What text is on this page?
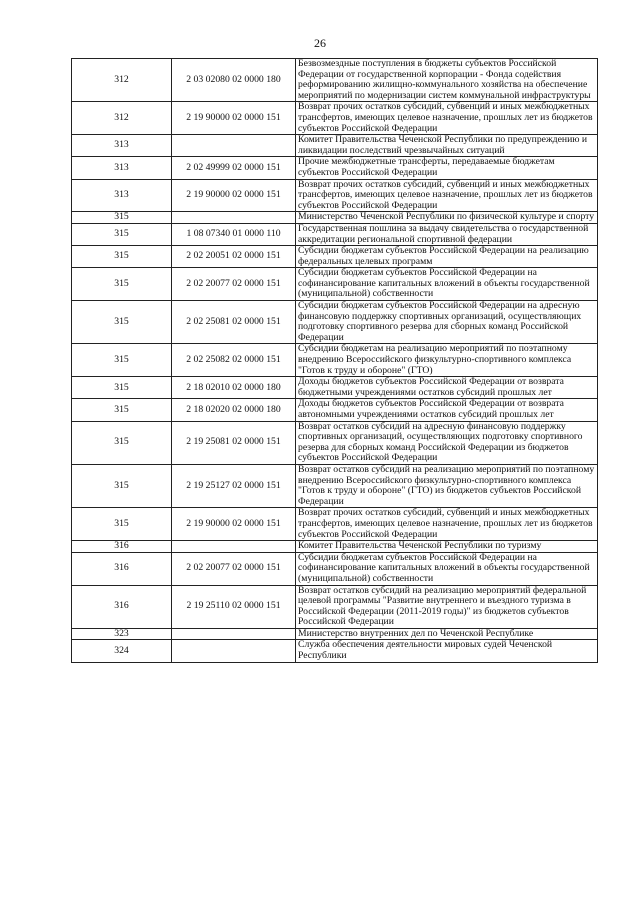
26
312	2 03 02080 02 0000 180	Безвозмездные поступления в бюджеты субъектов Российской Федерации от государственной корпорации - Фонда содействия реформированию жилищно-коммунального хозяйства на обеспечение мероприятий по модернизации систем коммунальной инфраструктуры
312	2 19 90000 02 0000 151	Возврат прочих остатков субсидий, субвенций и иных межбюджетных трансфертов, имеющих целевое назначение, прошлых лет из бюджетов субъектов Российской Федерации
313		Комитет Правительства Чеченской Республики по предупреждению и ликвидации последствий чрезвычайных ситуаций
313	2 02 49999 02 0000 151	Прочие межбюджетные трансферты, передаваемые бюджетам субъектов Российской Федерации
313	2 19 90000 02 0000 151	Возврат прочих остатков субсидий, субвенций и иных межбюджетных трансфертов, имеющих целевое назначение, прошлых лет из бюджетов субъектов Российской Федерации
315		Министерство Чеченской Республики по физической культуре и спорту
315	1 08 07340 01 0000 110	Государственная пошлина за выдачу свидетельства о государственной аккредитации региональной спортивной федерации
315	2 02 20051 02 0000 151	Субсидии бюджетам субъектов Российской Федерации на реализацию федеральных целевых программ
315	2 02 20077 02 0000 151	Субсидии бюджетам субъектов Российской Федерации на софинансирование капитальных вложений в объекты государственной (муниципальной) собственности
315	2 02 25081 02 0000 151	Субсидии бюджетам субъектов Российской Федерации на адресную финансовую поддержку спортивных организаций, осуществляющих подготовку спортивного резерва для сборных команд Российской Федерации
315	2 02 25082 02 0000 151	Субсидии бюджетам на реализацию мероприятий по поэтапному внедрению Всероссийского физкультурно-спортивного комплекса "Готов к труду и обороне" (ГТО)
315	2 18 02010 02 0000 180	Доходы бюджетов субъектов Российской Федерации от возврата бюджетными учреждениями остатков субсидий прошлых лет
315	2 18 02020 02 0000 180	Доходы бюджетов субъектов Российской Федерации от возврата автономными учреждениями остатков субсидий прошлых лет
315	2 19 25081 02 0000 151	Возврат остатков субсидий на адресную финансовую поддержку спортивных организаций, осуществляющих подготовку спортивного резерва для сборных команд Российской Федерации из бюджетов субъектов Российской Федерации
315	2 19 25127 02 0000 151	Возврат остатков субсидий на реализацию мероприятий по поэтапному внедрению Всероссийского физкультурно-спортивного комплекса "Готов к труду и обороне" (ГТО) из бюджетов субъектов Российской Федерации
315	2 19 90000 02 0000 151	Возврат прочих остатков субсидий, субвенций и иных межбюджетных трансфертов, имеющих целевое назначение, прошлых лет из бюджетов субъектов Российской Федерации
316		Комитет Правительства Чеченской Республики по туризму
316	2 02 20077 02 0000 151	Субсидии бюджетам субъектов Российской Федерации на софинансирование капитальных вложений в объекты государственной (муниципальной) собственности
316	2 19 25110 02 0000 151	Возврат остатков субсидий на реализацию мероприятий федеральной целевой программы "Развитие внутреннего и въездного туризма в Российской Федерации (2011-2019 годы)" из бюджетов субъектов Российской Федерации
323		Министерство внутренних дел по Чеченской Республике
324		Служба обеспечения деятельности мировых судей Чеченской Республики
